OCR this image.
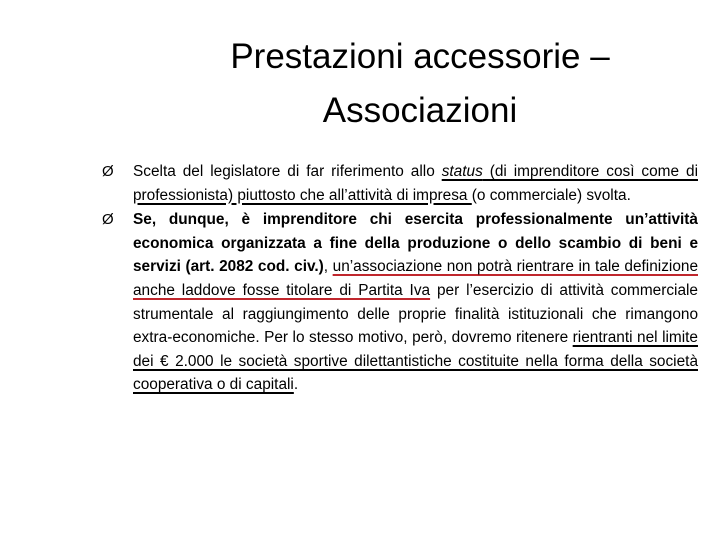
Prestazioni accessorie –
Associazioni

Ø Scelta del legislatore di far riferimento allo status (di imprenditore così come di professionista) piuttosto che all’attività di impresa (o commerciale) svolta.

Ø Se, dunque, è imprenditore chi esercita professionalmente un’attività economica organizzata a fine della produzione o dello scambio di beni e servizi (art. 2082 cod. civ.), un’associazione non potrà rientrare in tale definizione anche laddove fosse titolare di Partita Iva per l’esercizio di attività commerciale strumentale al raggiungimento delle proprie finalità istituzionali che rimangono extra-economiche. Per lo stesso motivo, però, dovremo ritenere rientranti nel limite dei € 2.000 le società sportive dilettantistiche costituite nella forma della società cooperativa o di capitali.
